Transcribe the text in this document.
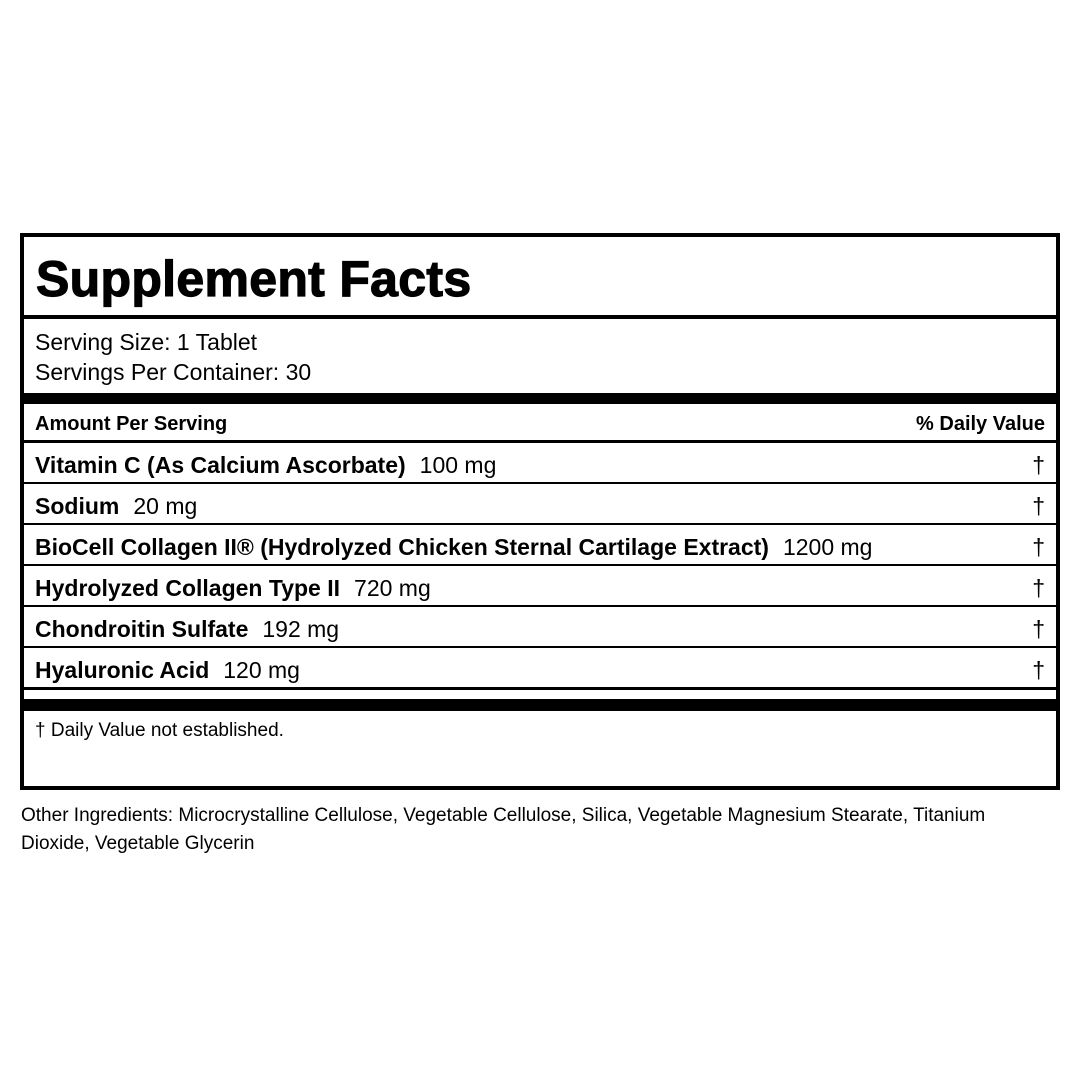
Supplement Facts
Serving Size: 1 Tablet
Servings Per Container: 30
Amount Per Serving	% Daily Value
Vitamin C (As Calcium Ascorbate) 100 mg	†
Sodium 20 mg	†
BioCell Collagen II® (Hydrolyzed Chicken Sternal Cartilage Extract) 1200 mg	†
Hydrolyzed Collagen Type II 720 mg	†
Chondroitin Sulfate 192 mg	†
Hyaluronic Acid 120 mg	†
† Daily Value not established.

Other Ingredients: Microcrystalline Cellulose, Vegetable Cellulose, Silica, Vegetable Magnesium Stearate, Titanium Dioxide, Vegetable Glycerin
